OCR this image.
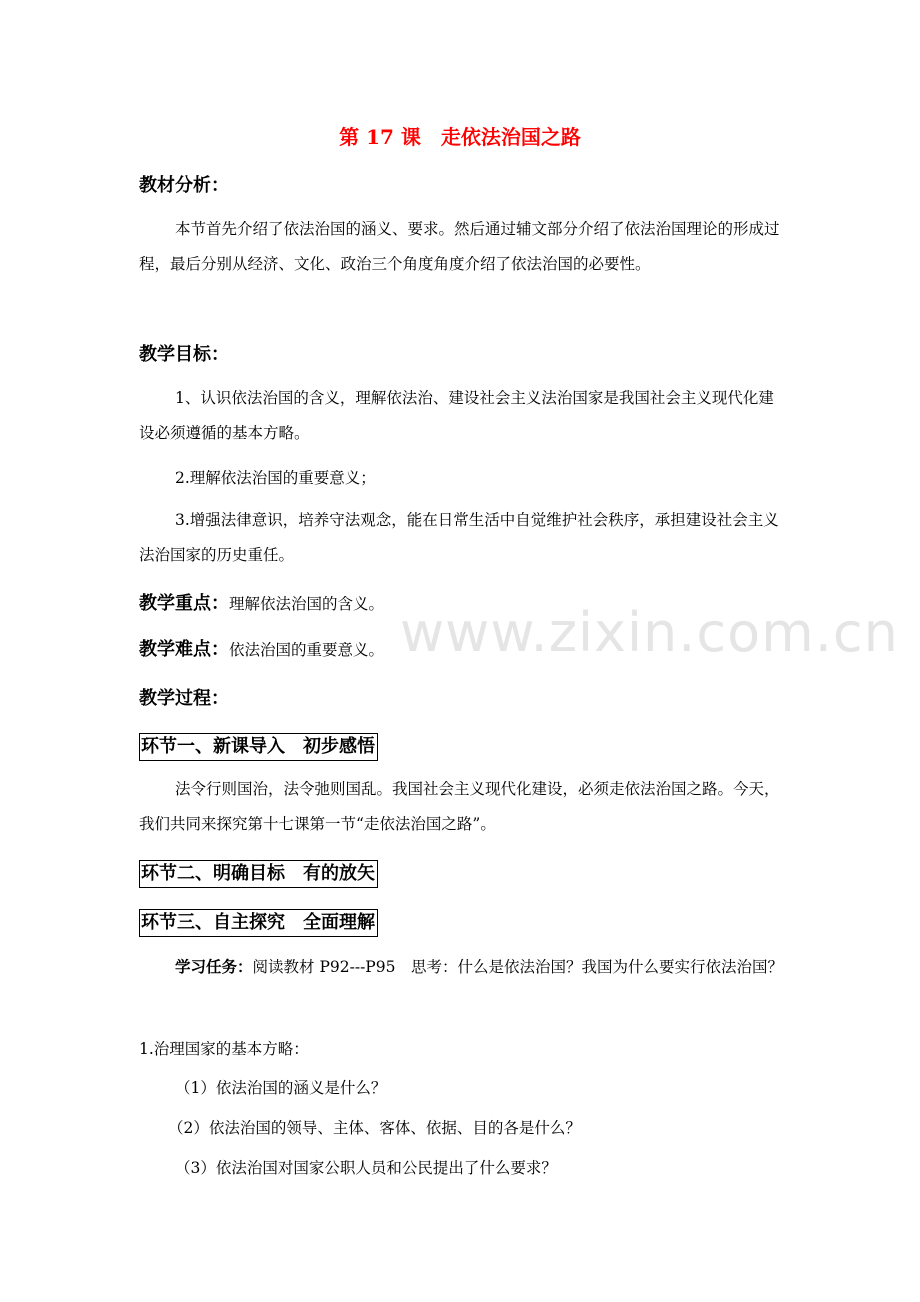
第 17 课 走依法治国之路
教材分析：

本节首先介绍了依法治国的涵义、要求。然后通过辅文部分介绍了依法治国理论的形成过程，最后分别从经济、文化、政治三个角度角度介绍了依法治国的必要性。

教学目标：

1、认识依法治国的含义，理解依法治、建设社会主义法治国家是我国社会主义现代化建设必须遵循的基本方略。

2.理解依法治国的重要意义；

3.增强法律意识，培养守法观念，能在日常生活中自觉维护社会秩序，承担建设社会主义法治国家的历史重任。

教学重点：理解依法治国的含义。
教学难点：依法治国的重要意义。
教学过程：
环节一、新课导入 初步感悟

法令行则国治，法令弛则国乱。我国社会主义现代化建设，必须走依法治国之路。今天，我们共同来探究第十七课第一节“走依法治国之路”。

环节二、明确目标 有的放矢
环节三、自主探究 全面理解

学习任务：阅读教材 P92---P95　思考：什么是依法治国？我国为什么要实行依法治国？

1.治理国家的基本方略：
（1）依法治国的涵义是什么？
（2）依法治国的领导、主体、客体、依据、目的各是什么？
（3）依法治国对国家公职人员和公民提出了什么要求？
www.zixin.com.cn
